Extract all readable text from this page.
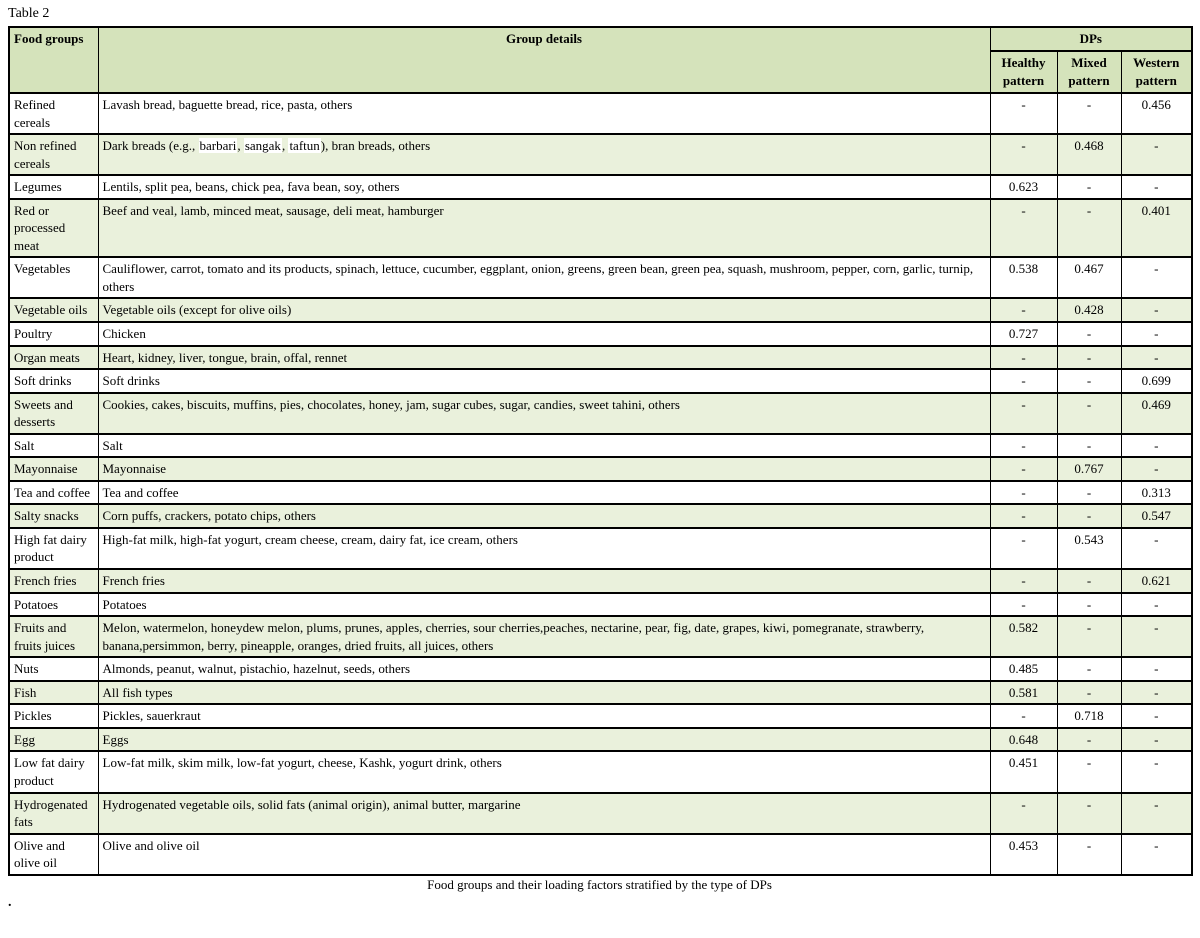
Table 2
Food groups	Group details	DPs		
		Healthy pattern	Mixed pattern	Western pattern
Refined cereals	Lavash bread, baguette bread, rice, pasta, others	-	-	0.456
Non refined cereals	Dark breads (e.g., barbari, sangak, taftun), bran breads, others	-	0.468	-
Legumes	Lentils, split pea, beans, chick pea, fava bean, soy, others	0.623	-	-
Red or processed meat	Beef and veal, lamb, minced meat, sausage, deli meat, hamburger	-	-	0.401
Vegetables	Cauliflower, carrot, tomato and its products, spinach, lettuce, cucumber, eggplant, onion, greens, green bean, green pea, squash, mushroom, pepper, corn, garlic, turnip, others	0.538	0.467	-
Vegetable oils	Vegetable oils (except for olive oils)	-	0.428	-
Poultry	Chicken	0.727	-	-
Organ meats	Heart, kidney, liver, tongue, brain, offal, rennet	-	-	-
Soft drinks	Soft drinks	-	-	0.699
Sweets and desserts	Cookies, cakes, biscuits, muffins, pies, chocolates, honey, jam, sugar cubes, sugar, candies, sweet tahini, others	-	-	0.469
Salt	Salt	-	-	-
Mayonnaise	Mayonnaise	-	0.767	-
Tea and coffee	Tea and coffee	-	-	0.313
Salty snacks	Corn puffs, crackers, potato chips, others	-	-	0.547
High fat dairy product	High-fat milk, high-fat yogurt, cream cheese, cream, dairy fat, ice cream, others	-	0.543	-
French fries	French fries	-	-	0.621
Potatoes	Potatoes	-	-	-
Fruits and fruits juices	Melon, watermelon, honeydew melon, plums, prunes, apples, cherries, sour cherries,peaches, nectarine, pear, fig, date, grapes, kiwi, pomegranate, strawberry, banana,persimmon, berry, pineapple, oranges, dried fruits, all juices, others	0.582	-	-
Nuts	Almonds, peanut, walnut, pistachio, hazelnut, seeds, others	0.485	-	-
Fish	All fish types	0.581	-	-
Pickles	Pickles, sauerkraut	-	0.718	-
Egg	Eggs	0.648	-	-
Low fat dairy product	Low-fat milk, skim milk, low-fat yogurt, cheese, Kashk, yogurt drink, others	0.451	-	-
Hydrogenated fats	Hydrogenated vegetable oils, solid fats (animal origin), animal butter, margarine	-	-	-
Olive and olive oil	Olive and olive oil	0.453	-	-
Food groups and their loading factors stratified by the type of DPs
.
